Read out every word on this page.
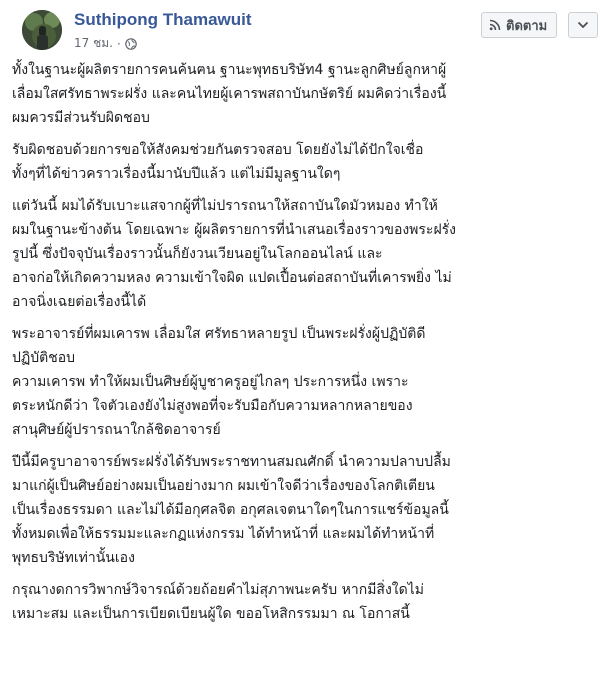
Suthipong Thamawuit
17 ชม. ·
ติดตาม

ทั้งในฐานะผู้ผลิตรายการคนค้นฅน ฐานะพุทธบริษัท4 ฐานะลูกศิษย์ลูกหาผู้
เลื่อมใสศรัทธาพระฝรั่ง และคนไทยผู้เคารพสถาบันกษัตริย์ ผมคิดว่าเรื่องนี้
ผมควรมีส่วนรับผิดชอบ

รับผิดชอบด้วยการขอให้สังคมช่วยกันตรวจสอบ โดยยังไม่ได้ปักใจเชื่อ
ทั้งๆที่ได้ข่าวคราวเรื่องนี้มานับปีแล้ว แต่ไม่มีมูลฐานใดๆ

แต่วันนี้ ผมได้รับเบาะแสจากผู้ที่ไม่ปรารถนาให้สถาบันใดมัวหมอง ทำให้
ผมในฐานะข้างต้น โดยเฉพาะ ผู้ผลิตรายการที่นำเสนอเรื่องราวของพระฝรั่ง
รูปนี้ ซึ่งปัจจุบันเรื่องราวนั้นก็ยังวนเวียนอยู่ในโลกออนไลน์ และ
อาจก่อให้เกิดความหลง ความเข้าใจผิด แปดเปื้อนต่อสถาบันที่เคารพยิ่ง ไม่
อาจนิ่งเฉยต่อเรื่องนี้ได้

พระอาจารย์ที่ผมเคารพ เลื่อมใส ศรัทธาหลายรูป เป็นพระฝรั่งผู้ปฏิบัติดี
ปฏิบัติชอบ
ความเคารพ ทำให้ผมเป็นศิษย์ผู้บูชาครูอยู่ไกลๆ ประการหนึ่ง เพราะ
ตระหนักดีว่า ใจตัวเองยังไม่สูงพอที่จะรับมือกับความหลากหลายของ
สานุศิษย์ผู้ปรารถนาใกล้ชิดอาจารย์

ปีนี้มีครูบาอาจารย์พระฝรั่งได้รับพระราชทานสมณศักดิ์ นำความปลาบปลื้ม
มาแก่ผู้เป็นศิษย์อย่างผมเป็นอย่างมาก ผมเข้าใจดีว่าเรื่องของโลกติเตียน
เป็นเรื่องธรรมดา และไม่ได้มีอกุศลจิต อกุศลเจตนาใดๆในการแชร์ข้อมูลนี้
ทั้งหมดเพื่อให้ธรรมมะและกฏแห่งกรรม ได้ทำหน้าที่ และผมได้ทำหน้าที่
พุทธบริษัทเท่านั้นเอง

กรุณางดการวิพากษ์วิจารณ์ด้วยถ้อยคำไม่สุภาพนะครับ หากมีสิ่งใดไม่
เหมาะสม และเป็นการเบียดเบียนผู้ใด ขออโหสิกรรมมา ณ โอกาสนี้
